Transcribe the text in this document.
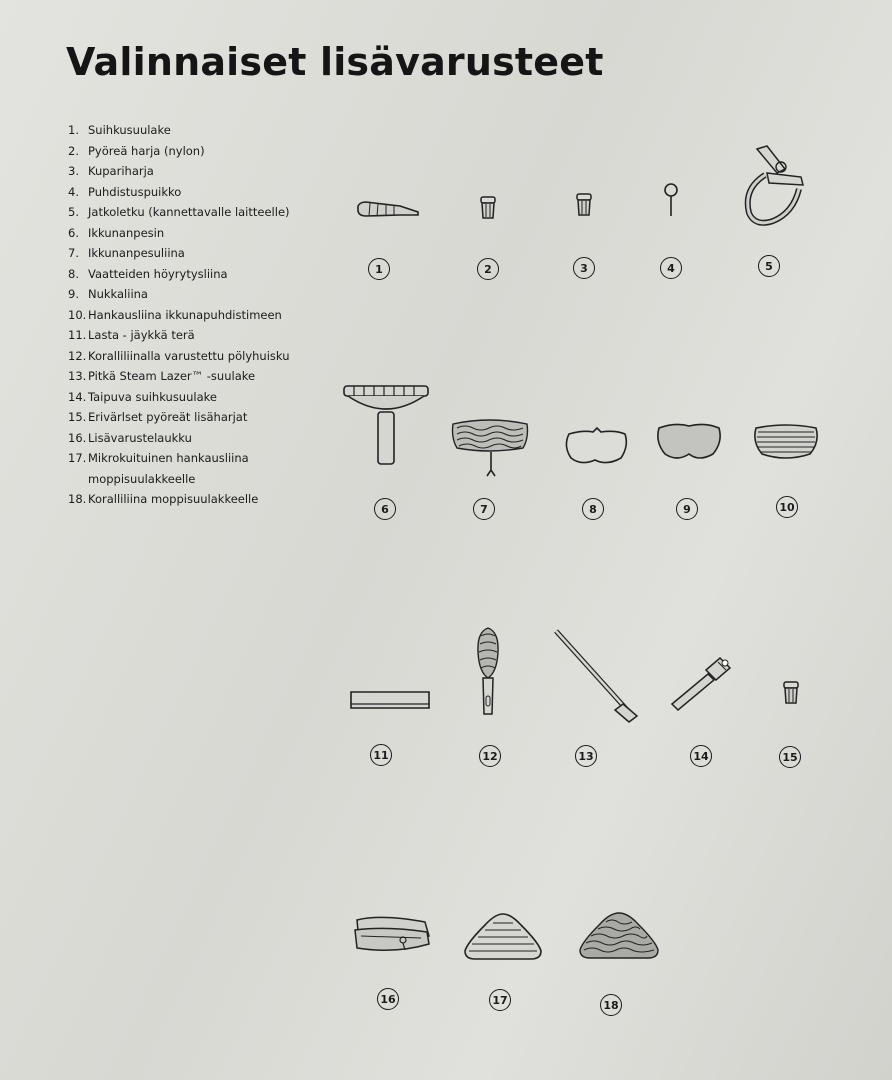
Valinnaiset lisävarusteet
1. Suihkusuulake
2. Pyöreä harja (nylon)
3. Kupariharja
4. Puhdistuspuikko
5. Jatkoletku (kannettavalle laitteelle)
6. Ikkunanpesin
7. Ikkunanpesuliina
8. Vaatteiden höyrytysliina
9. Nukkaliina
10. Hankausliina ikkunapuhdistimeen
11. Lasta - jäykkä terä
12. Koralliliinalla varustettu pölyhuisku
13. Pitkä Steam Lazer™ -suulake
14. Taipuva suihkusuulake
15. Erivärlset pyöreät lisäharjat
16. Lisävarustelaukku
17. Mikrokuituinen hankausliina
moppisuulakkeelle
18. Koralliliina moppisuulakkeelle
1	2	3	4	5
6	7	8	9	10
11	12	13	14	15
16	17	18
